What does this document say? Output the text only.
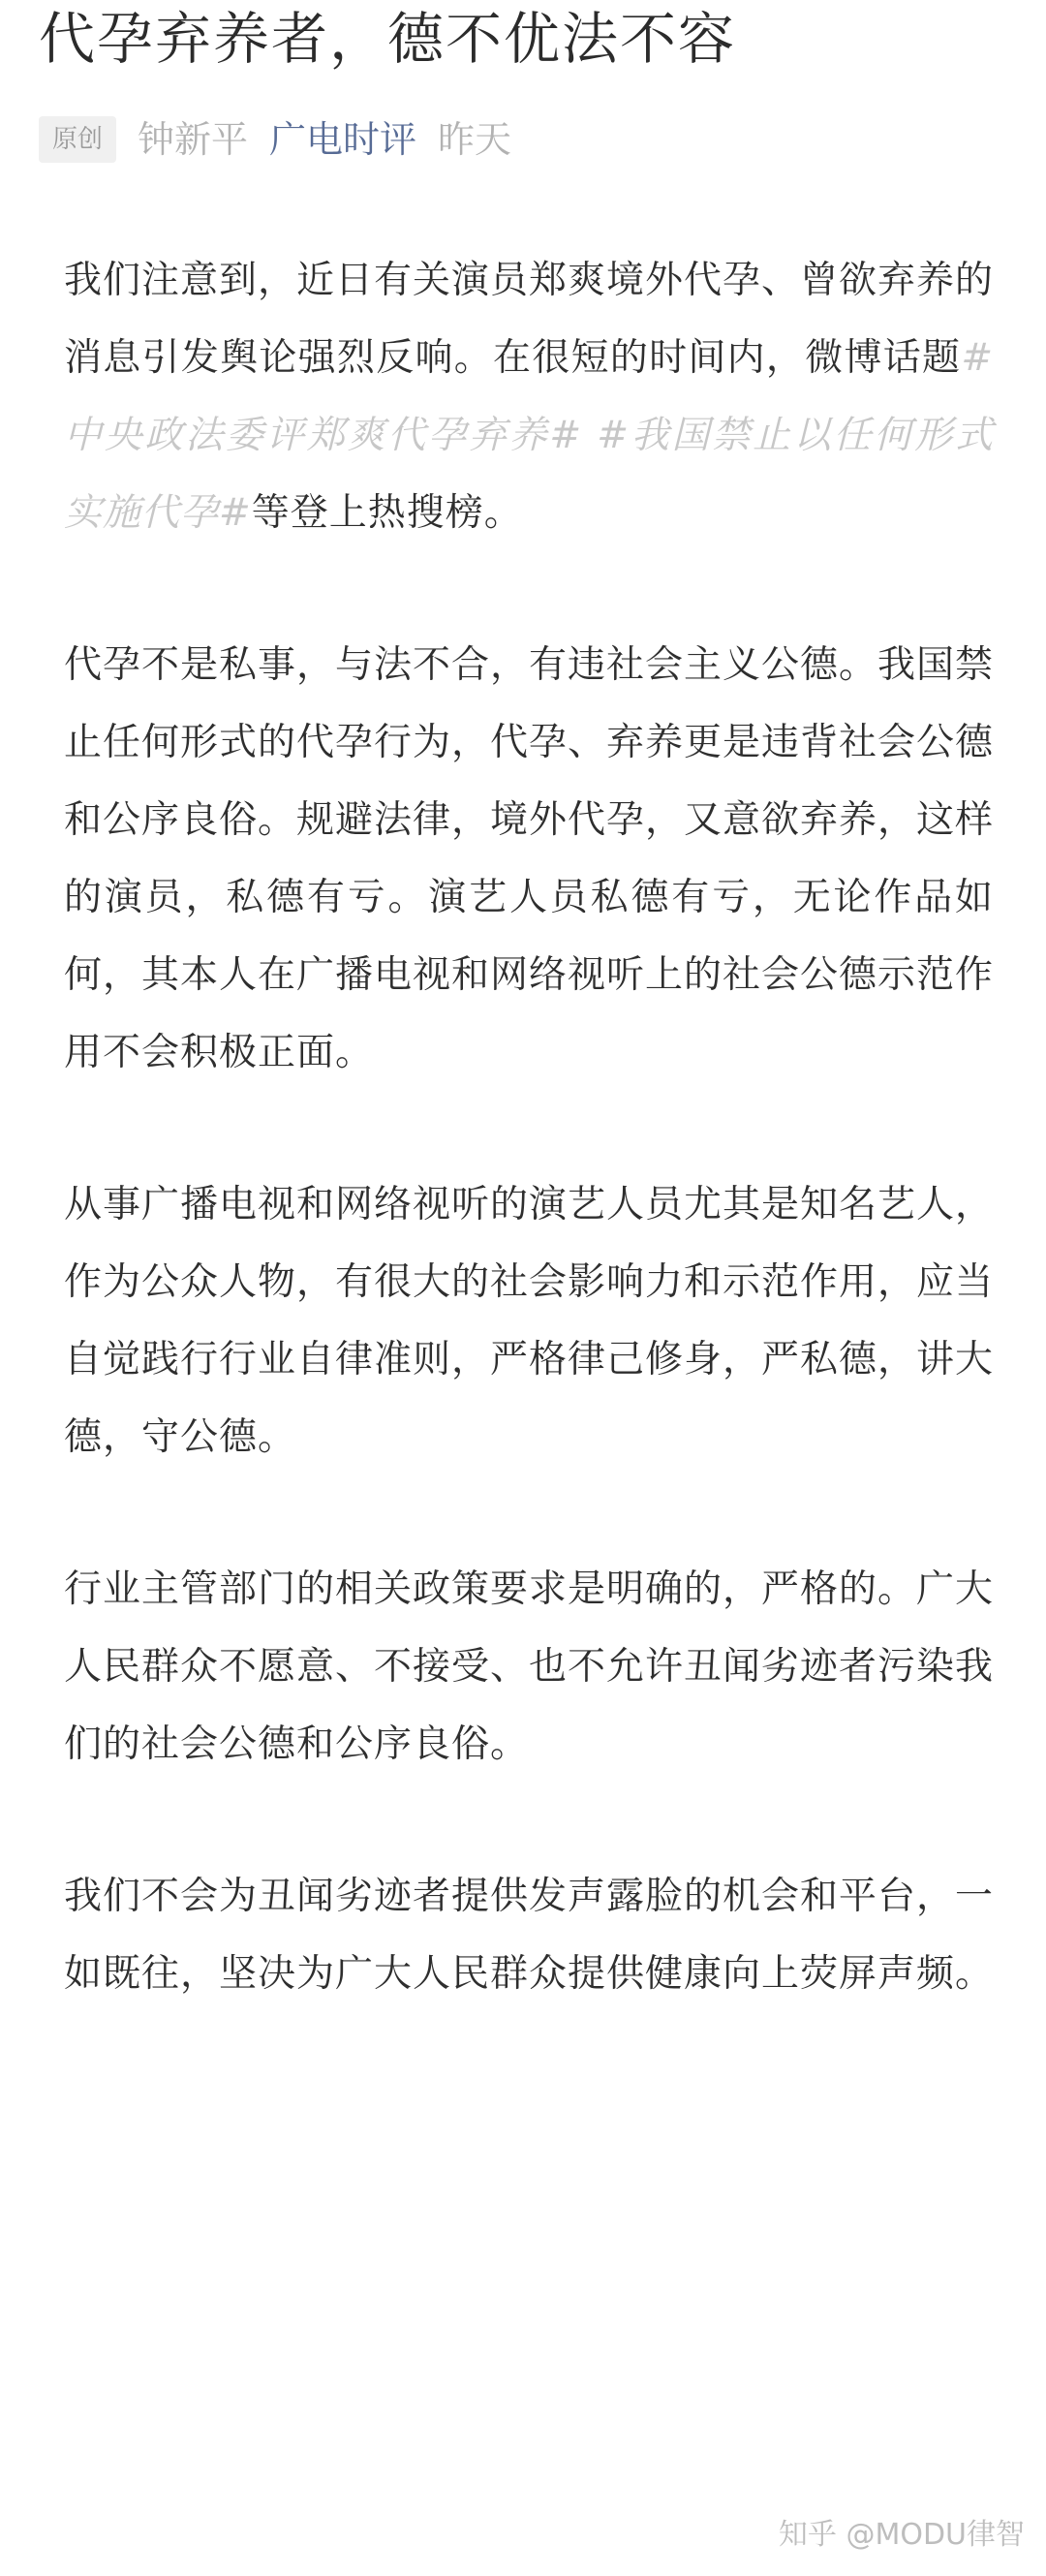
代孕弃养者，德不优法不容
原创 钟新平 广电时评 昨天

我们注意到，近日有关演员郑爽境外代孕、曾欲弃养的消息引发舆论强烈反响。在很短的时间内，微博话题#中央政法委评郑爽代孕弃养# #我国禁止以任何形式实施代孕#等登上热搜榜。

代孕不是私事，与法不合，有违社会主义公德。我国禁止任何形式的代孕行为，代孕、弃养更是违背社会公德和公序良俗。规避法律，境外代孕，又意欲弃养，这样的演员，私德有亏。演艺人员私德有亏，无论作品如何，其本人在广播电视和网络视听上的社会公德示范作用不会积极正面。

从事广播电视和网络视听的演艺人员尤其是知名艺人，作为公众人物，有很大的社会影响力和示范作用，应当自觉践行行业自律准则，严格律己修身，严私德，讲大德，守公德。

行业主管部门的相关政策要求是明确的，严格的。广大人民群众不愿意、不接受、也不允许丑闻劣迹者污染我们的社会公德和公序良俗。

我们不会为丑闻劣迹者提供发声露脸的机会和平台，一如既往，坚决为广大人民群众提供健康向上荧屏声频。

知乎 @MODU律智
